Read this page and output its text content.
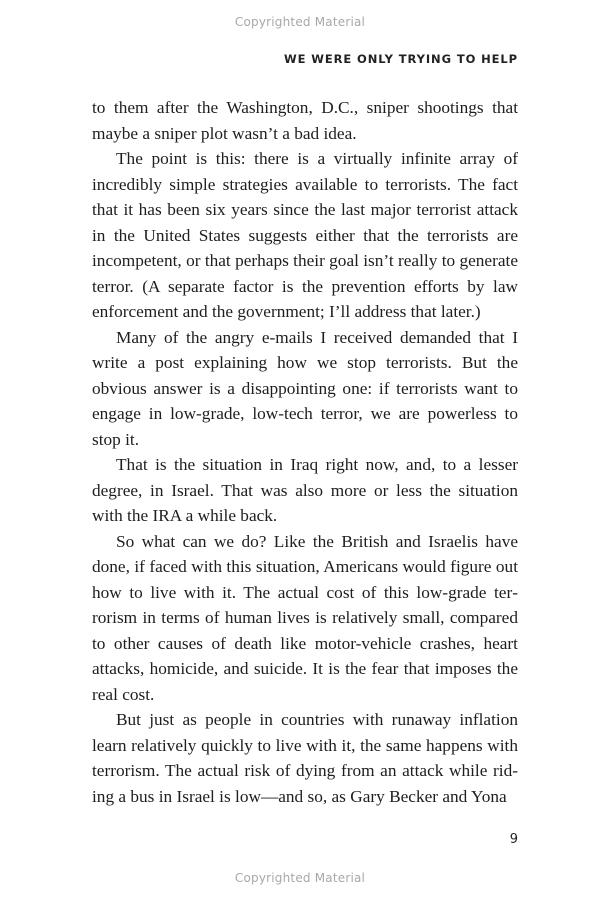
Copyrighted Material
WE WERE ONLY TRYING TO HELP

to them after the Washington, D.C., sniper shootings that maybe a sniper plot wasn’t a bad idea.

The point is this: there is a virtually infinite array of incredibly simple strategies available to terrorists. The fact that it has been six years since the last major terrorist attack in the United States suggests either that the terrorists are incompetent, or that perhaps their goal isn’t really to generate terror. (A separate factor is the prevention efforts by law enforcement and the government; I’ll address that later.)

Many of the angry e-mails I received demanded that I write a post explaining how we stop terrorists. But the obvious answer is a disappointing one: if terrorists want to engage in low-grade, low-tech terror, we are powerless to stop it.

That is the situation in Iraq right now, and, to a lesser degree, in Israel. That was also more or less the situation with the IRA a while back.

So what can we do? Like the British and Israelis have done, if faced with this situation, Americans would figure out how to live with it. The actual cost of this low-grade terrorism in terms of human lives is relatively small, compared to other causes of death like motor-vehicle crashes, heart attacks, homicide, and suicide. It is the fear that imposes the real cost.

But just as people in countries with runaway inflation learn relatively quickly to live with it, the same happens with terrorism. The actual risk of dying from an attack while riding a bus in Israel is low—and so, as Gary Becker and Yona

9
Copyrighted Material
